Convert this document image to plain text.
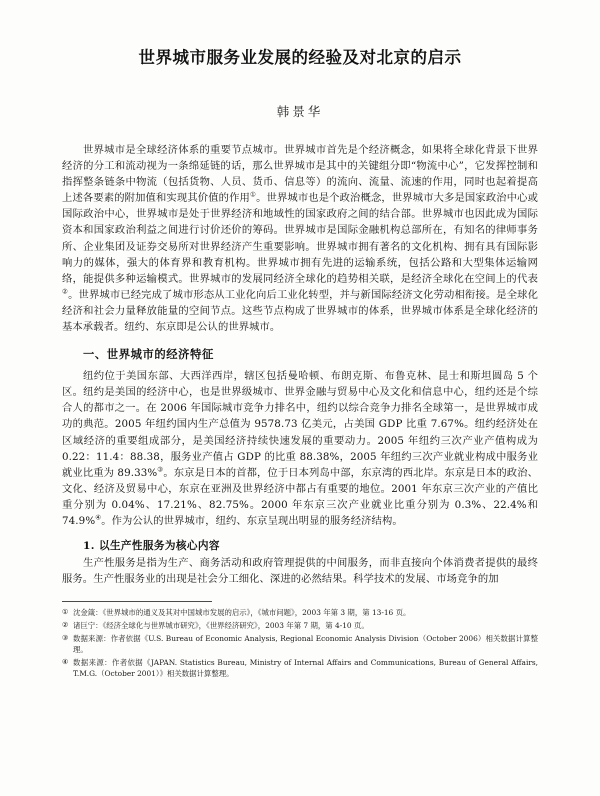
世界城市服务业发展的经验及对北京的启示
韩景华

世界城市是全球经济体系的重要节点城市。世界城市首先是个经济概念，如果将全球化背景下世界经济的分工和流动视为一条绵延链的话，那么世界城市是其中的关键组分即“物流中心”，它发挥控制和指挥整条链条中物流（包括货物、人员、货币、信息等）的流向、流量、流速的作用，同时也起着提高上述各要素的附加值和实现其价值的作用①。世界城市也是个政治概念，世界城市大多是国家政治中心或国际政治中心，世界城市是处于世界经济和地域性的国家政府之间的结合部。世界城市也因此成为国际资本和国家政治利益之间进行讨价还价的筹码。世界城市是国际金融机构总部所在，有知名的律师事务所、企业集团及证券交易所对世界经济产生重要影响。世界城市拥有著名的文化机构、拥有具有国际影响力的媒体，强大的体育界和教育机构。世界城市拥有先进的运输系统，包括公路和大型集体运输网络，能提供多种运输模式。世界城市的发展同经济全球化的趋势相关联，是经济全球化在空间上的代表②。世界城市已经完成了城市形态从工业化向后工业化转型，并与新国际经济文化劳动相衔接。是全球化经济和社会力量释放能量的空间节点。这些节点构成了世界城市的体系，世界城市体系是全球化经济的基本承载者。纽约、东京即是公认的世界城市。

一、世界城市的经济特征

纽约位于美国东部、大西洋西岸，辖区包括曼哈顿、布朗克斯、布鲁克林、昆士和斯坦圆岛 5 个区。纽约是美国的经济中心，也是世界级城市、世界金融与贸易中心及文化和信息中心，纽约还是个综合人的都市之一。在 2006 年国际城市竞争力排名中，纽约以综合竞争力排名全球第一，是世界城市成功的典范。2005 年纽约国内生产总值为 9578.73 亿美元，占美国 GDP 比重 7.67%。纽约经济处在区域经济的重要组成部分，是美国经济持续快速发展的重要动力。2005 年纽约三次产业产值构成为 0.22：11.4：88.38，服务业产值占 GDP 的比重 88.38%，2005 年纽约三次产业就业构成中服务业就业比重为 89.33%③。东京是日本的首都，位于日本列岛中部，东京湾的西北岸。东京是日本的政治、文化、经济及贸易中心，东京在亚洲及世界经济中都占有重要的地位。2001 年东京三次产业的产值比重分别为 0.04%、17.21%、82.75%。2000 年东京三次产业就业比重分别为 0.3%、22.4%和 74.9%④。作为公认的世界城市，纽约、东京呈现出明显的服务经济结构。

1. 以生产性服务为核心内容

生产性服务是指为生产、商务活动和政府管理提供的中间服务，而非直接向个体消费者提供的最终服务。生产性服务业的出现是社会分工细化、深进的必然结果。科学技术的发展、市场竞争的加

① 沈金箴：《世界城市的通义及其对中国城市发展的启示》，《城市问题》，2003 年第 3 期，第 13-16 页。
② 诸巨宁：《经济全球化与世界城市研究》，《世界经济研究》，2003 年第 7 期，第 4-10 页。
③ 数据来源：作者依据《U.S. Bureau of Economic Analysis, Regional Economic Analysis Division（October 2006）相关数据计算整理。
④ 数据来源：作者依据《JAPAN. Statistics Bureau, Ministry of Internal Affairs and Communications, Bureau of General Affairs, T.M.G.（October 2001）》相关数据计算整理。
